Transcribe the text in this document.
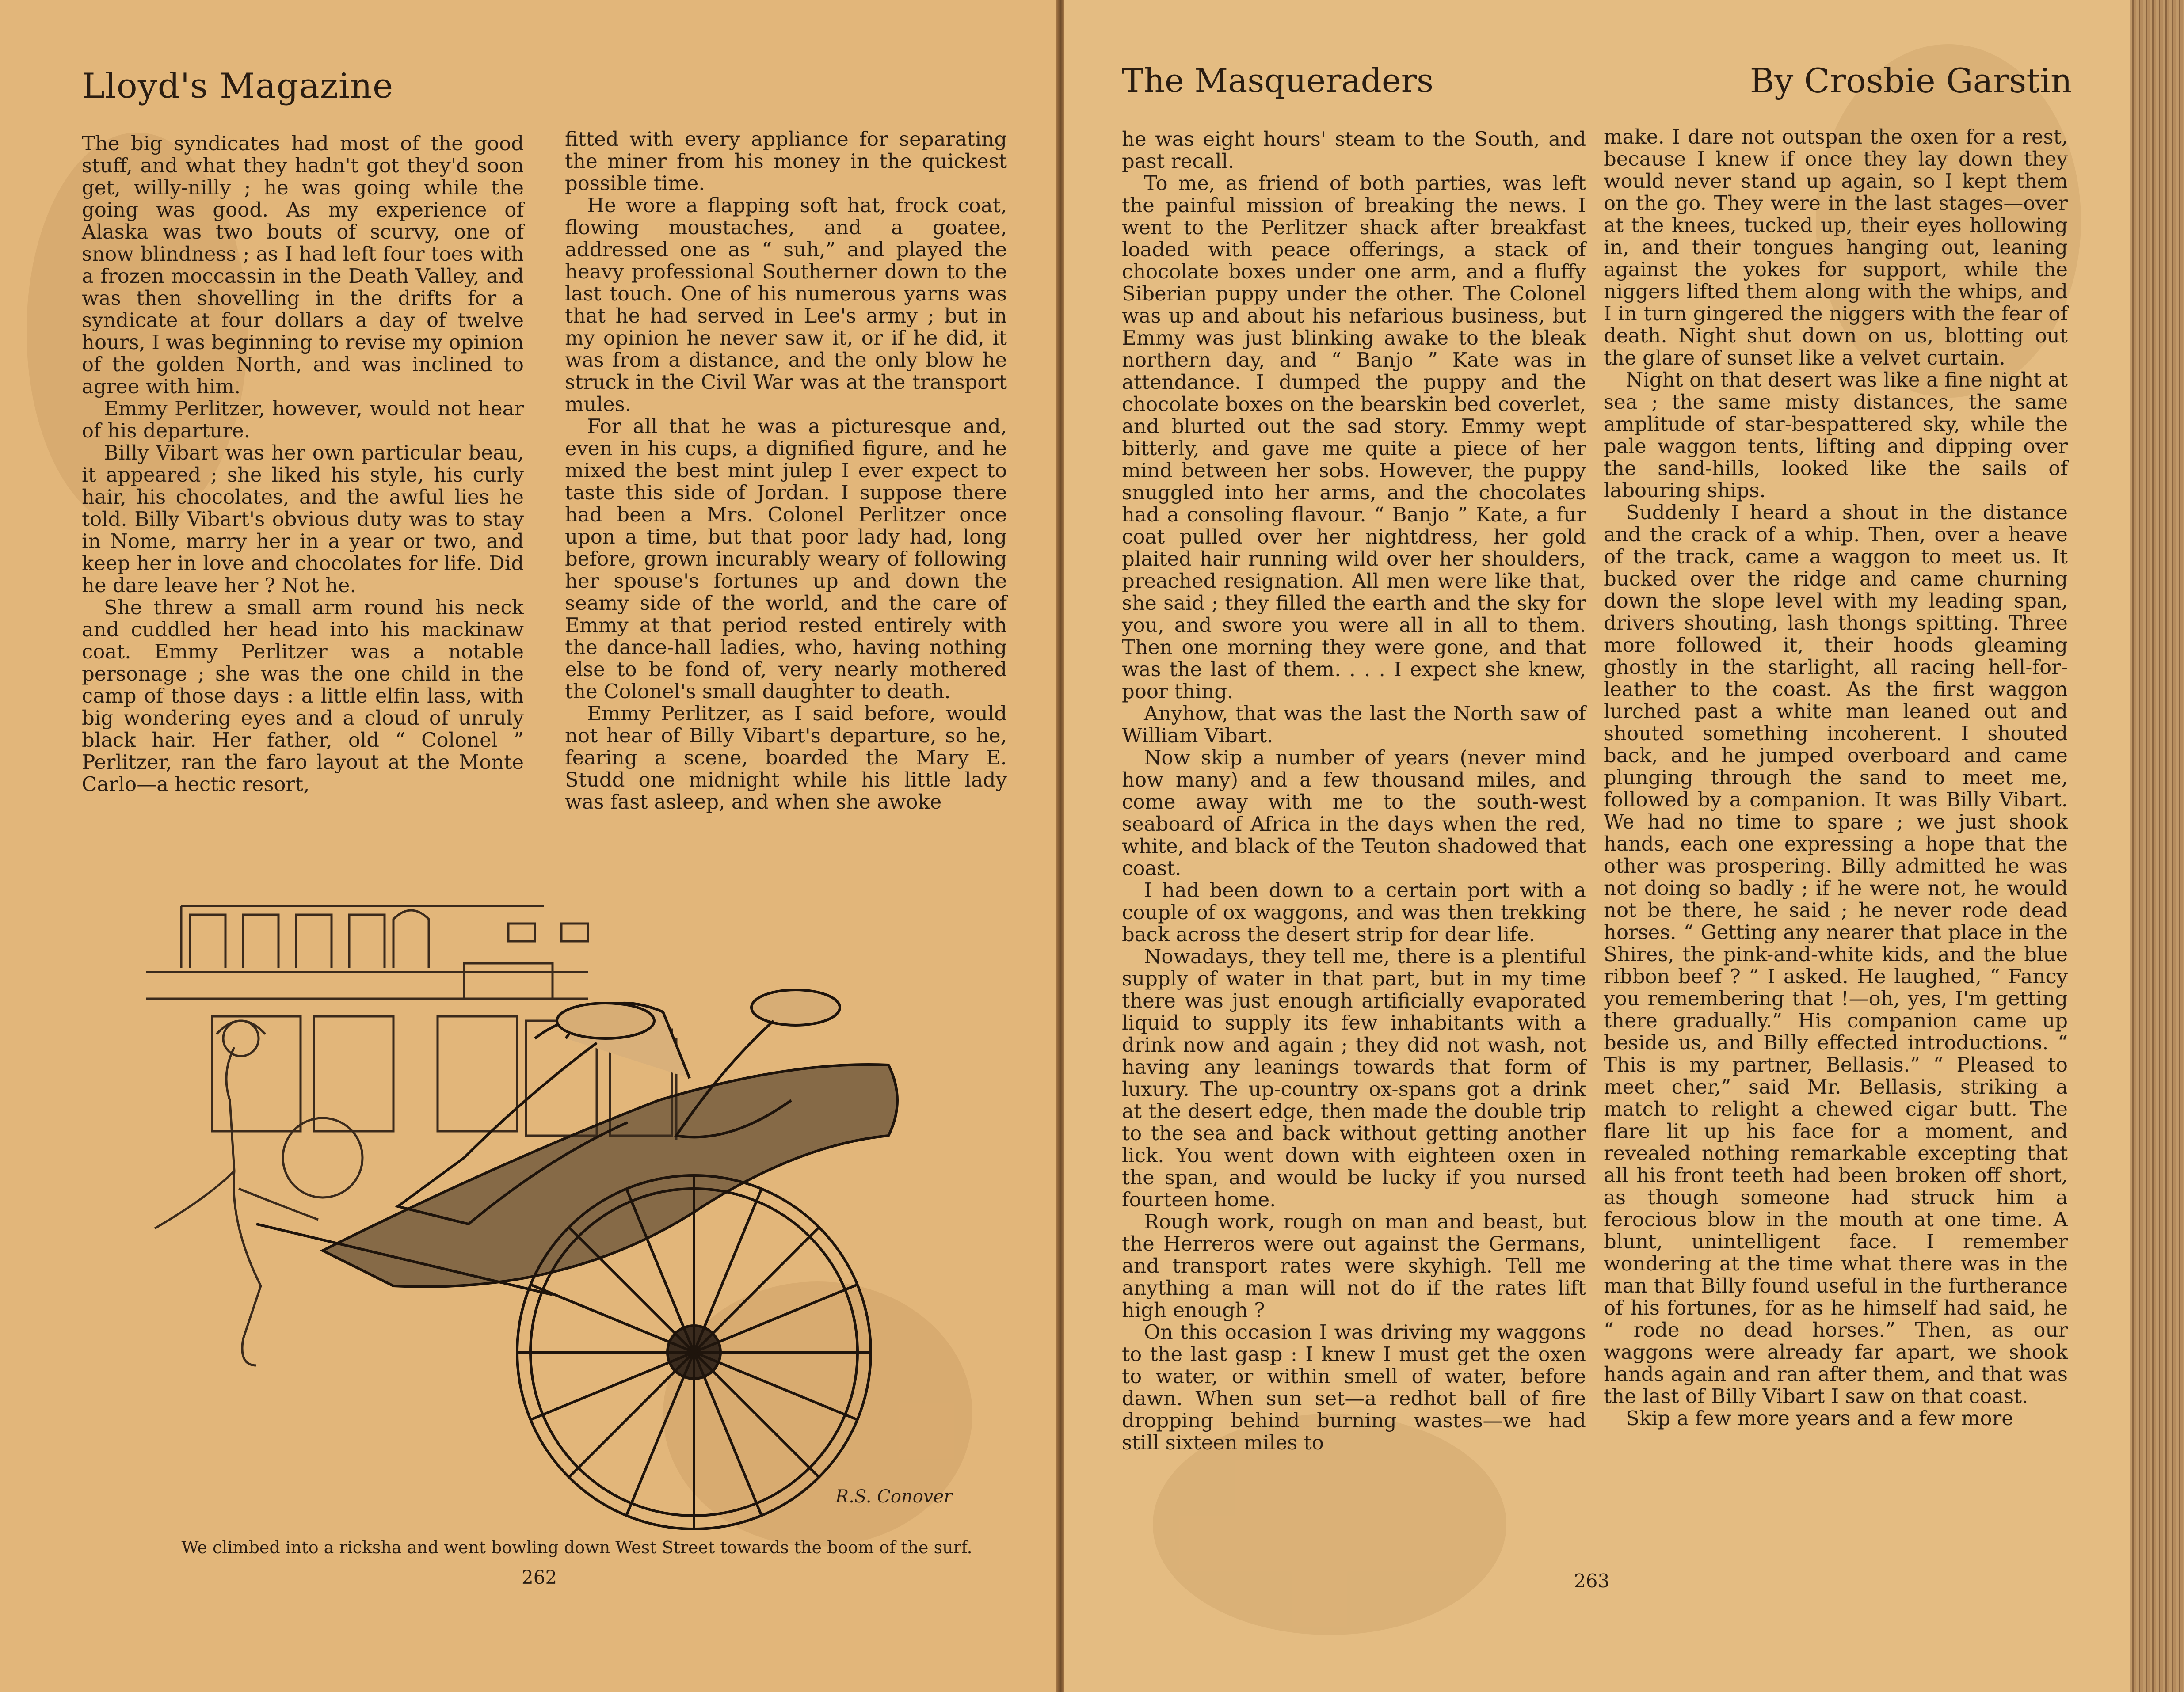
Lloyd's Magazine

The big syndicates had most of the good stuff, and what they hadn't got they'd soon get, willy-nilly ; he was going while the going was good. As my experience of Alaska was two bouts of scurvy, one of snow blindness ; as I had left four toes with a frozen moccassin in the Death Valley, and was then shovelling in the drifts for a syndicate at four dollars a day of twelve hours, I was beginning to revise my opinion of the golden North, and was inclined to agree with him.

Emmy Perlitzer, however, would not hear of his departure.

Billy Vibart was her own particular beau, it appeared ; she liked his style, his curly hair, his chocolates, and the awful lies he told. Billy Vibart's obvious duty was to stay in Nome, marry her in a year or two, and keep her in love and chocolates for life. Did he dare leave her ? Not he.

She threw a small arm round his neck and cuddled her head into his mackinaw coat. Emmy Perlitzer was a notable personage ; she was the one child in the camp of those days : a little elfin lass, with big wondering eyes and a cloud of unruly black hair. Her father, old “ Colonel ” Perlitzer, ran the faro layout at the Monte Carlo—a hectic resort,

fitted with every appliance for separating the miner from his money in the quickest possible time.

He wore a flapping soft hat, frock coat, flowing moustaches, and a goatee, addressed one as “ suh,” and played the heavy professional Southerner down to the last touch. One of his numerous yarns was that he had served in Lee's army ; but in my opinion he never saw it, or if he did, it was from a distance, and the only blow he struck in the Civil War was at the transport mules.

For all that he was a picturesque and, even in his cups, a dignified figure, and he mixed the best mint julep I ever expect to taste this side of Jordan. I suppose there had been a Mrs. Colonel Perlitzer once upon a time, but that poor lady had, long before, grown incurably weary of following her spouse's fortunes up and down the seamy side of the world, and the care of Emmy at that period rested entirely with the dance-hall ladies, who, having nothing else to be fond of, very nearly mothered the Colonel's small daughter to death.

Emmy Perlitzer, as I said before, would not hear of Billy Vibart's departure, so he, fearing a scene, boarded the Mary E. Studd one midnight while his little lady was fast asleep, and when she awoke

R.S. Conover
We climbed into a ricksha and went bowling down West Street towards the boom of the surf.
262
The Masqueraders	By Crosbie Garstin

he was eight hours' steam to the South, and past recall.

To me, as friend of both parties, was left the painful mission of breaking the news. I went to the Perlitzer shack after breakfast loaded with peace offerings, a stack of chocolate boxes under one arm, and a fluffy Siberian puppy under the other. The Colonel was up and about his nefarious business, but Emmy was just blinking awake to the bleak northern day, and “ Banjo ” Kate was in attendance. I dumped the puppy and the chocolate boxes on the bearskin bed coverlet, and blurted out the sad story. Emmy wept bitterly, and gave me quite a piece of her mind between her sobs. However, the puppy snuggled into her arms, and the chocolates had a consoling flavour. “ Banjo ” Kate, a fur coat pulled over her nightdress, her gold plaited hair running wild over her shoulders, preached resignation. All men were like that, she said ; they filled the earth and the sky for you, and swore you were all in all to them. Then one morning they were gone, and that was the last of them. . . . I expect she knew, poor thing.

Anyhow, that was the last the North saw of William Vibart.

Now skip a number of years (never mind how many) and a few thousand miles, and come away with me to the south-west seaboard of Africa in the days when the red, white, and black of the Teuton shadowed that coast.

I had been down to a certain port with a couple of ox waggons, and was then trekking back across the desert strip for dear life.

Nowadays, they tell me, there is a plentiful supply of water in that part, but in my time there was just enough artificially evaporated liquid to supply its few inhabitants with a drink now and again ; they did not wash, not having any leanings towards that form of luxury. The up-country ox-spans got a drink at the desert edge, then made the double trip to the sea and back without getting another lick. You went down with eighteen oxen in the span, and would be lucky if you nursed fourteen home.

Rough work, rough on man and beast, but the Herreros were out against the Germans, and transport rates were skyhigh. Tell me anything a man will not do if the rates lift high enough ?

On this occasion I was driving my waggons to the last gasp : I knew I must get the oxen to water, or within smell of water, before dawn. When sun set—a redhot ball of fire dropping behind burning wastes—we had still sixteen miles to

make. I dare not outspan the oxen for a rest, because I knew if once they lay down they would never stand up again, so I kept them on the go. They were in the last stages—over at the knees, tucked up, their eyes hollowing in, and their tongues hanging out, leaning against the yokes for support, while the niggers lifted them along with the whips, and I in turn gingered the niggers with the fear of death. Night shut down on us, blotting out the glare of sunset like a velvet curtain.

Night on that desert was like a fine night at sea ; the same misty distances, the same amplitude of star-bespattered sky, while the pale waggon tents, lifting and dipping over the sand-hills, looked like the sails of labouring ships.

Suddenly I heard a shout in the distance and the crack of a whip. Then, over a heave of the track, came a waggon to meet us. It bucked over the ridge and came churning down the slope level with my leading span, drivers shouting, lash thongs spitting. Three more followed it, their hoods gleaming ghostly in the starlight, all racing hell-for-leather to the coast. As the first waggon lurched past a white man leaned out and shouted something incoherent. I shouted back, and he jumped overboard and came plunging through the sand to meet me, followed by a companion. It was Billy Vibart. We had no time to spare ; we just shook hands, each one expressing a hope that the other was prospering. Billy admitted he was not doing so badly ; if he were not, he would not be there, he said ; he never rode dead horses. “ Getting any nearer that place in the Shires, the pink-and-white kids, and the blue ribbon beef ? ” I asked. He laughed, “ Fancy you remembering that !—oh, yes, I'm getting there gradually.” His companion came up beside us, and Billy effected introductions. “ This is my partner, Bellasis.” “ Pleased to meet cher,” said Mr. Bellasis, striking a match to relight a chewed cigar butt. The flare lit up his face for a moment, and revealed nothing remarkable excepting that all his front teeth had been broken off short, as though someone had struck him a ferocious blow in the mouth at one time. A blunt, unintelligent face. I remember wondering at the time what there was in the man that Billy found useful in the furtherance of his fortunes, for as he himself had said, he “ rode no dead horses.” Then, as our waggons were already far apart, we shook hands again and ran after them, and that was the last of Billy Vibart I saw on that coast.

Skip a few more years and a few more

263
